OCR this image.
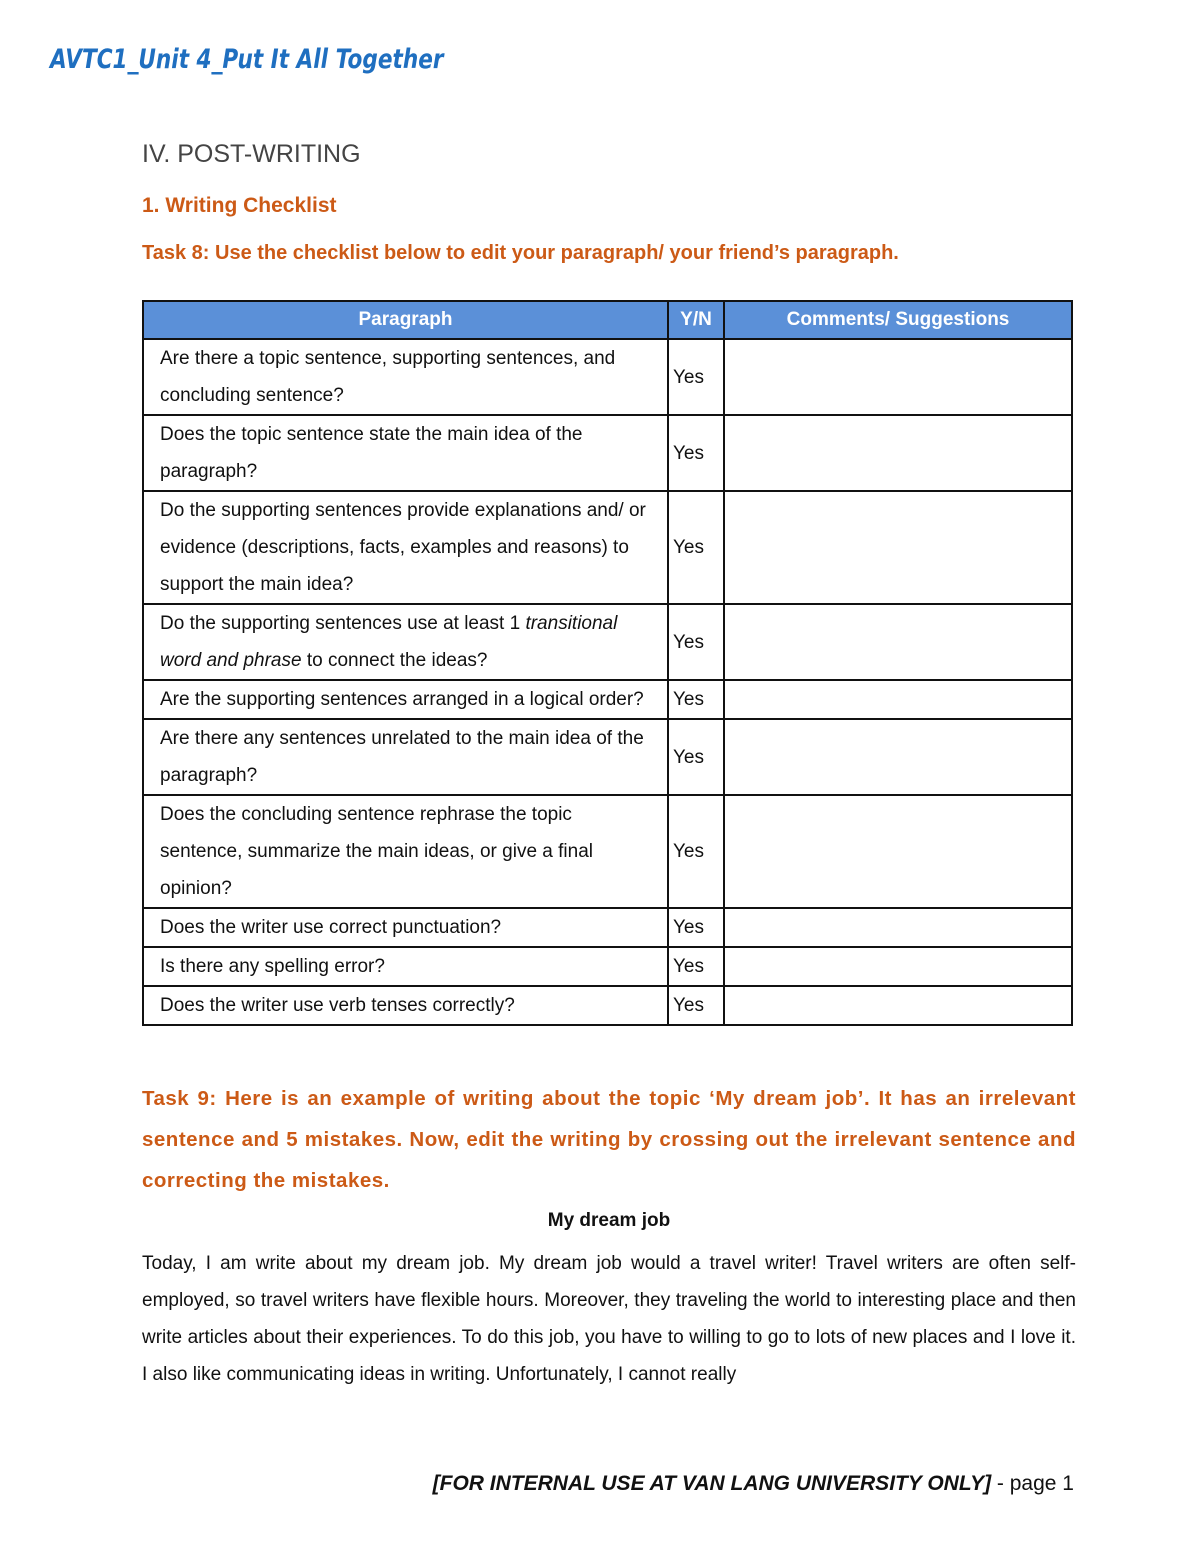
AVTC1_Unit 4_Put It All Together
IV. POST-WRITING
1. Writing Checklist

Task 8: Use the checklist below to edit your paragraph/ your friend’s paragraph.

Paragraph	Y/N	Comments/ Suggestions
Are there a topic sentence, supporting sentences, and concluding sentence?	Yes	
Does the topic sentence state the main idea of the paragraph?	Yes	
Do the supporting sentences provide explanations and/ or evidence (descriptions, facts, examples and reasons) to support the main idea?	Yes	
Do the supporting sentences use at least 1 transitional word and phrase to connect the ideas?	Yes	
Are the supporting sentences arranged in a logical order?	Yes	
Are there any sentences unrelated to the main idea of the paragraph?	Yes	
Does the concluding sentence rephrase the topic sentence, summarize the main ideas, or give a final opinion?	Yes	
Does the writer use correct punctuation?	Yes	
Is there any spelling error?	Yes	
Does the writer use verb tenses correctly?	Yes	

Task 9: Here is an example of writing about the topic ‘My dream job’. It has an irrelevant sentence and 5 mistakes. Now, edit the writing by crossing out the irrelevant sentence and correcting the mistakes.

My dream job

Today, I am write about my dream job. My dream job would a travel writer! Travel writers are often self-employed, so travel writers have flexible hours. Moreover, they traveling the world to interesting place and then write articles about their experiences. To do this job, you have to willing to go to lots of new places and I love it. I also like communicating ideas in writing. Unfortunately, I cannot really

[FOR INTERNAL USE AT VAN LANG UNIVERSITY ONLY] - page 1
